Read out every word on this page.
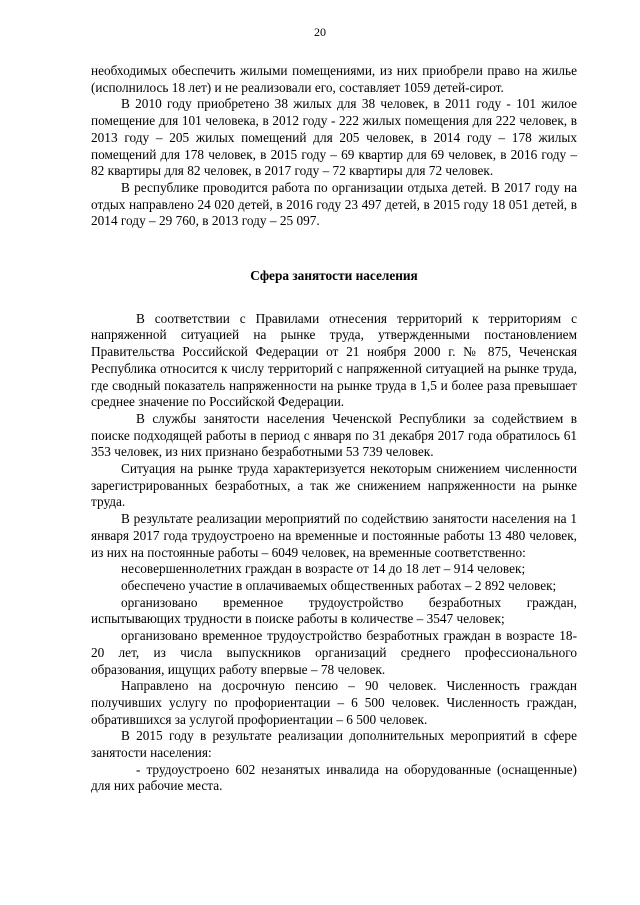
20

необходимых обеспечить жилыми помещениями, из них приобрели право на жилье (исполнилось 18 лет) и не реализовали его, составляет 1059 детей-сирот.

В 2010 году приобретено 38 жилых для 38 человек, в 2011 году - 101 жилое помещение для 101 человека, в 2012 году - 222 жилых помещения для 222 человек, в 2013 году – 205 жилых помещений для 205 человек, в 2014 году – 178 жилых помещений для 178 человек, в 2015 году – 69 квартир для 69 человек, в 2016 году – 82 квартиры для 82 человек, в 2017 году – 72 квартиры для 72 человек.

В республике проводится работа по организации отдыха детей. В 2017 году на отдых направлено 24 020 детей, в 2016 году 23 497 детей, в 2015 году 18 051 детей, в 2014 году – 29 760, в 2013 году – 25 097.

Сфера занятости населения

В соответствии с Правилами отнесения территорий к территориям с напряженной ситуацией на рынке труда, утвержденными постановлением Правительства Российской Федерации от 21 ноября 2000 г. № 875, Чеченская Республика относится к числу территорий с напряженной ситуацией на рынке труда, где сводный показатель напряженности на рынке труда в 1,5 и более раза превышает среднее значение по Российской Федерации.

В службы занятости населения Чеченской Республики за содействием в поиске подходящей работы в период с января по 31 декабря 2017 года обратилось 61 353 человек, из них признано безработными 53 739 человек.

Ситуация на рынке труда характеризуется некоторым снижением численности зарегистрированных безработных, а так же снижением напряженности на рынке труда.

В результате реализации мероприятий по содействию занятости населения на 1 января 2017 года трудоустроено на временные и постоянные работы 13 480 человек, из них на постоянные работы – 6049 человек, на временные соответственно:

несовершеннолетних граждан в возрасте от 14 до 18 лет – 914 человек;

обеспечено участие в оплачиваемых общественных работах – 2 892 человек;

организовано временное трудоустройство безработных граждан, испытывающих трудности в поиске работы в количестве – 3547 человек;

организовано временное трудоустройство безработных граждан в возрасте 18-20 лет, из числа выпускников организаций среднего профессионального образования, ищущих работу впервые – 78 человек.

Направлено на досрочную пенсию – 90 человек. Численность граждан получивших услугу по профориентации – 6 500 человек. Численность граждан, обратившихся за услугой профориентации – 6 500 человек.

В 2015 году в результате реализации дополнительных мероприятий в сфере занятости населения:

- трудоустроено 602 незанятых инвалида на оборудованные (оснащенные) для них рабочие места.
